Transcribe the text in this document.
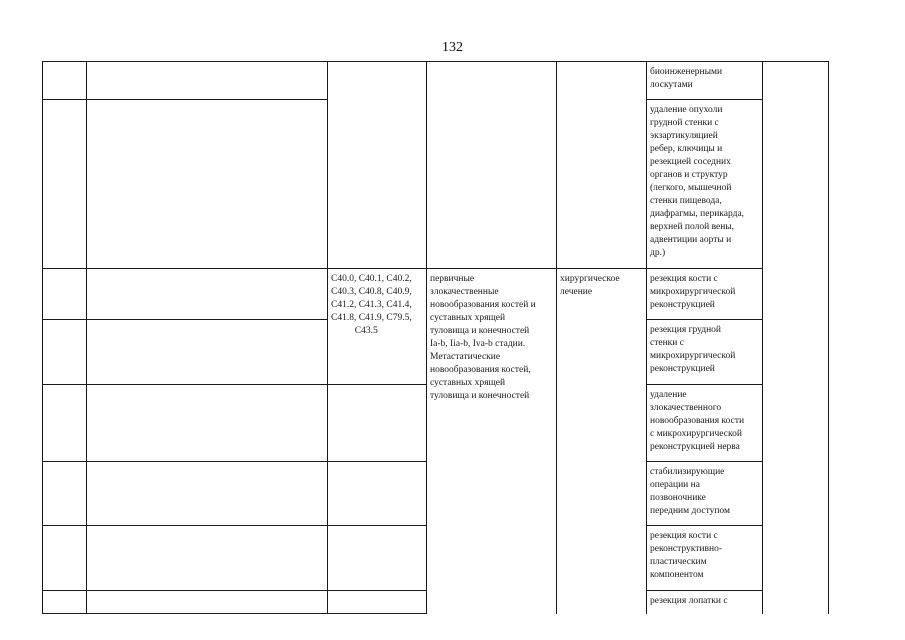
132
биоинженерными
лоскутами
удаление опухоли
грудной стенки с
экзартикуляцией
ребер, ключицы и
резекцией соседних
органов и структур
(легкого, мышечной
стенки пищевода,
диафрагмы, перикарда,
верхней полой вены,
адвентиции аорты и
др.)
С40.0, С40.1, С40.2,
С40.3, С40.8, С40.9,
С41.2, С41.3, С41.4,
С41.8, С41.9, С79.5,
С43.5
первичные
злокачественные
новообразования костей и
суставных хрящей
туловища и конечностей
Ia-b, Iia-b, Iva-b стадии.
Метастатические
новообразования костей,
суставных хрящей
туловища и конечностей
хирургическое
лечение
резекция кости с
микрохирургической
реконструкцией
резекция грудной
стенки с
микрохирургической
реконструкцией
удаление
злокачественного
новообразования кости
с микрохирургической
реконструкцией нерва
стабилизирующие
операции на
позвоночнике
передним доступом
резекция кости с
реконструктивно-
пластическим
компонентом
резекция лопатки с
